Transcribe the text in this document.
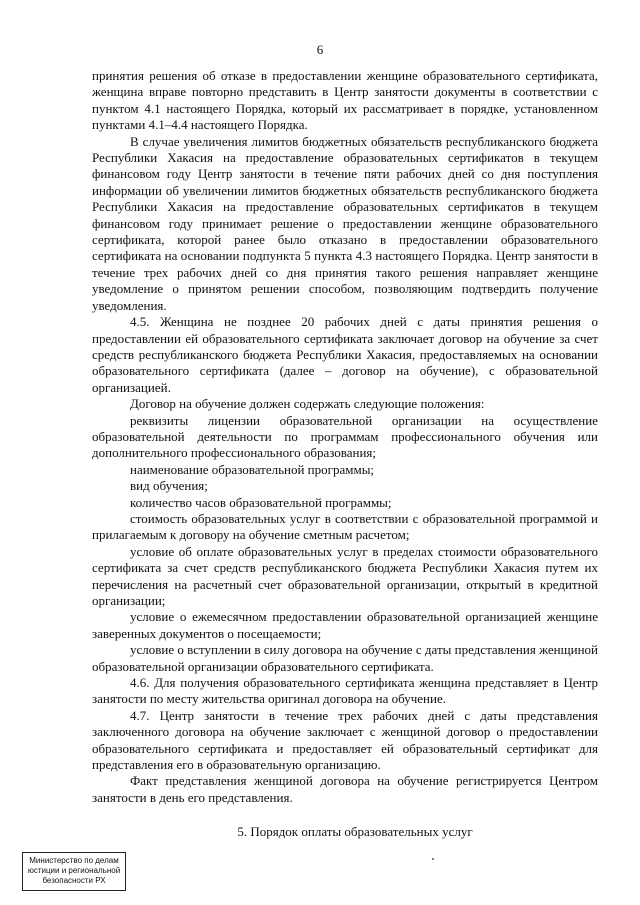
6

принятия решения об отказе в предоставлении женщине образовательного сертификата, женщина вправе повторно представить в Центр занятости документы в соответствии с пунктом 4.1 настоящего Порядка, который их рассматривает в порядке, установленном пунктами 4.1–4.4 настоящего Порядка.

В случае увеличения лимитов бюджетных обязательств республиканского бюджета Республики Хакасия на предоставление образовательных сертификатов в текущем финансовом году Центр занятости в течение пяти рабочих дней со дня поступления информации об увеличении лимитов бюджетных обязательств республиканского бюджета Республики Хакасия на предоставление образовательных сертификатов в текущем финансовом году принимает решение о предоставлении женщине образовательного сертификата, которой ранее было отказано в предоставлении образовательного сертификата на основании подпункта 5 пункта 4.3 настоящего Порядка. Центр занятости в течение трех рабочих дней со дня принятия такого решения направляет женщине уведомление о принятом решении способом, позволяющим подтвердить получение уведомления.

4.5. Женщина не позднее 20 рабочих дней с даты принятия решения о предоставлении ей образовательного сертификата заключает договор на обучение за счет средств республиканского бюджета Республики Хакасия, предоставляемых на основании образовательного сертификата (далее – договор на обучение), с образовательной организацией.

Договор на обучение должен содержать следующие положения:

реквизиты лицензии образовательной организации на осуществление образовательной деятельности по программам профессионального обучения или дополнительного профессионального образования;

наименование образовательной программы;

вид обучения;

количество часов образовательной программы;

стоимость образовательных услуг в соответствии с образовательной программой и прилагаемым к договору на обучение сметным расчетом;

условие об оплате образовательных услуг в пределах стоимости образовательного сертификата за счет средств республиканского бюджета Республики Хакасия путем их перечисления на расчетный счет образовательной организации, открытый в кредитной организации;

условие о ежемесячном предоставлении образовательной организацией женщине заверенных документов о посещаемости;

условие о вступлении в силу договора на обучение с даты представления женщиной образовательной организации образовательного сертификата.

4.6. Для получения образовательного сертификата женщина представляет в Центр занятости по месту жительства оригинал договора на обучение.

4.7. Центр занятости в течение трех рабочих дней с даты представления заключенного договора на обучение заключает с женщиной договор о предоставлении образовательного сертификата и предоставляет ей образовательный сертификат для представления его в образовательную организацию.

Факт представления женщиной договора на обучение регистрируется Центром занятости в день его представления.

5. Порядок оплаты образовательных услуг

Министерство по делам
юстиции и региональной
безопасности РХ
